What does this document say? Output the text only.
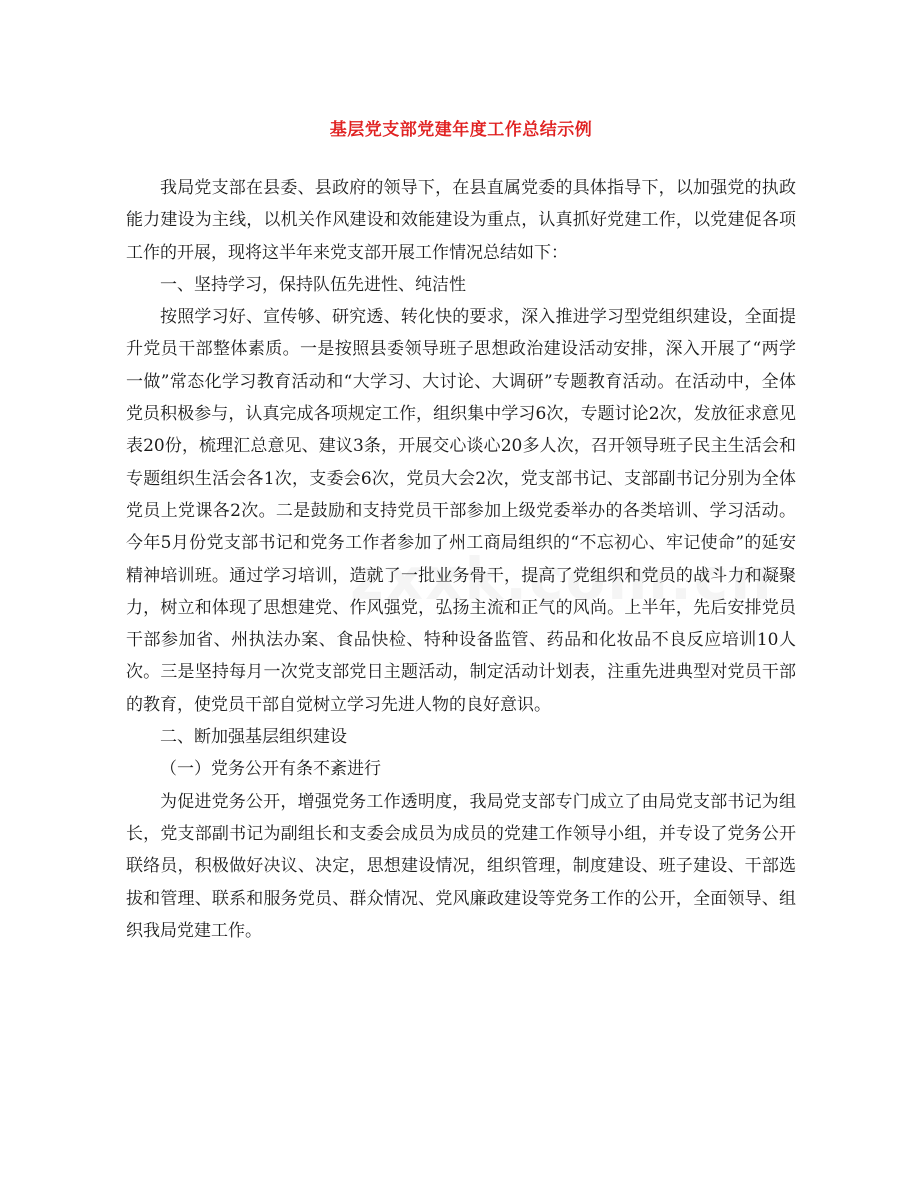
基层党支部党建年度工作总结示例

我局党支部在县委、县政府的领导下，在县直属党委的具体指导下，以加强党的执政能力建设为主线，以机关作风建设和效能建设为重点，认真抓好党建工作，以党建促各项工作的开展，现将这半年来党支部开展工作情况总结如下：

一、坚持学习，保持队伍先进性、纯洁性

按照学习好、宣传够、研究透、转化快的要求，深入推进学习型党组织建设，全面提升党员干部整体素质。一是按照县委领导班子思想政治建设活动安排，深入开展了“两学一做”常态化学习教育活动和“大学习、大讨论、大调研”专题教育活动。在活动中，全体党员积极参与，认真完成各项规定工作，组织集中学习6次，专题讨论2次，发放征求意见表20份，梳理汇总意见、建议3条，开展交心谈心20多人次，召开领导班子民主生活会和专题组织生活会各1次，支委会6次，党员大会2次，党支部书记、支部副书记分别为全体党员上党课各2次。二是鼓励和支持党员干部参加上级党委举办的各类培训、学习活动。今年5月份党支部书记和党务工作者参加了州工商局组织的“不忘初心、牢记使命”的延安精神培训班。通过学习培训，造就了一批业务骨干，提高了党组织和党员的战斗力和凝聚力，树立和体现了思想建党、作风强党，弘扬主流和正气的风尚。上半年，先后安排党员干部参加省、州执法办案、食品快检、特种设备监管、药品和化妆品不良反应培训10人次。三是坚持每月一次党支部党日主题活动，制定活动计划表，注重先进典型对党员干部的教育，使党员干部自觉树立学习先进人物的良好意识。

二、断加强基层组织建设

（一）党务公开有条不紊进行

为促进党务公开，增强党务工作透明度，我局党支部专门成立了由局党支部书记为组长，党支部副书记为副组长和支委会成员为成员的党建工作领导小组，并专设了党务公开联络员，积极做好决议、决定，思想建设情况，组织管理，制度建设、班子建设、干部选拔和管理、联系和服务党员、群众情况、党风廉政建设等党务工作的公开，全面领导、组织我局党建工作。
